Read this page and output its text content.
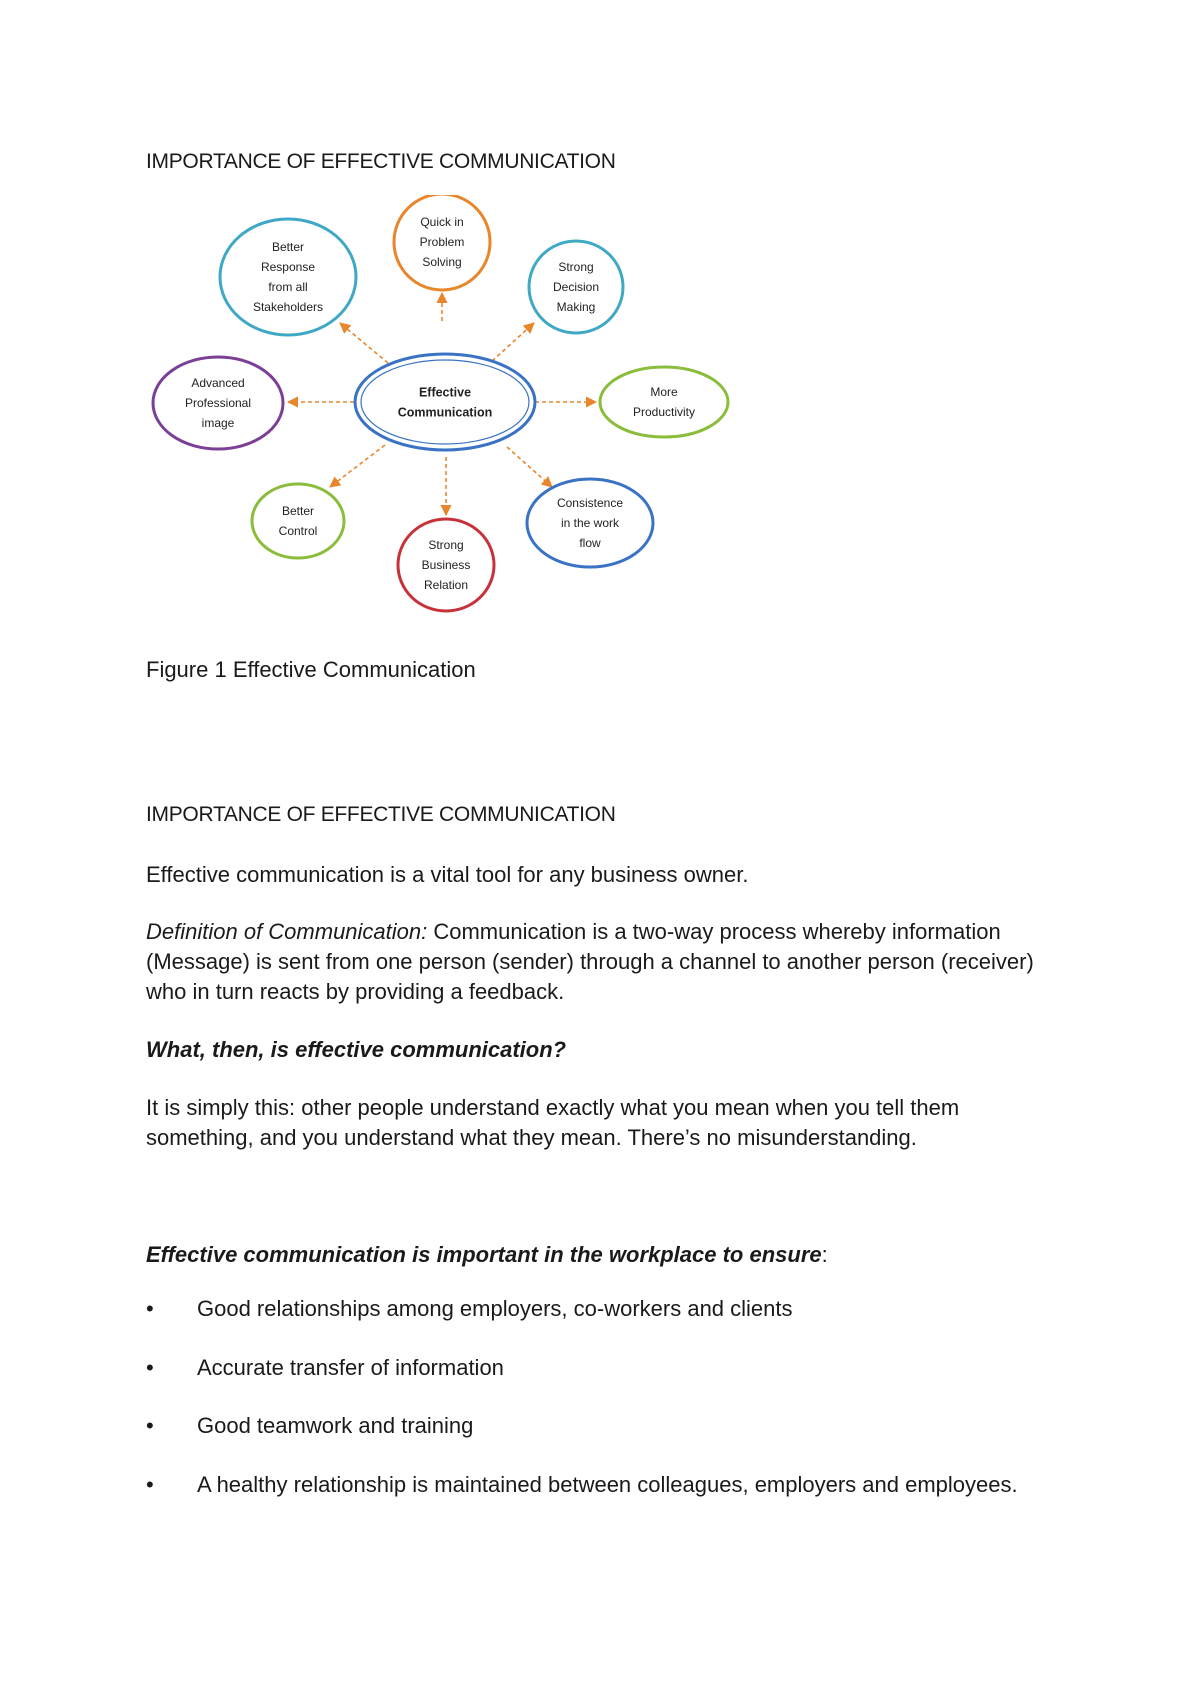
IMPORTANCE OF EFFECTIVE COMMUNICATION
Effective
Communication
Quick in
Problem
Solving	Strong
Decision
Making
More
Productivity
Consistence
in the work
flow
Strong
Business
Relation
Better
Control
Advanced
Professional
image
Better
Response
from all
Stakeholders
Figure 1 Effective Communication
IMPORTANCE OF EFFECTIVE COMMUNICATION

Effective communication is a vital tool for any business owner.

Definition of Communication: Communication is a two-way process whereby information (Message) is sent from one person (sender) through a channel to another person (receiver) who in turn reacts by providing a feedback.

What, then, is effective communication?

It is simply this: other people understand exactly what you mean when you tell them something, and you understand what they mean. There’s no misunderstanding.

Effective communication is important in the workplace to ensure:

•	Good relationships among employers, co-workers and clients
•	Accurate transfer of information
•	Good teamwork and training
•	A healthy relationship is maintained between colleagues, employers and employees.
